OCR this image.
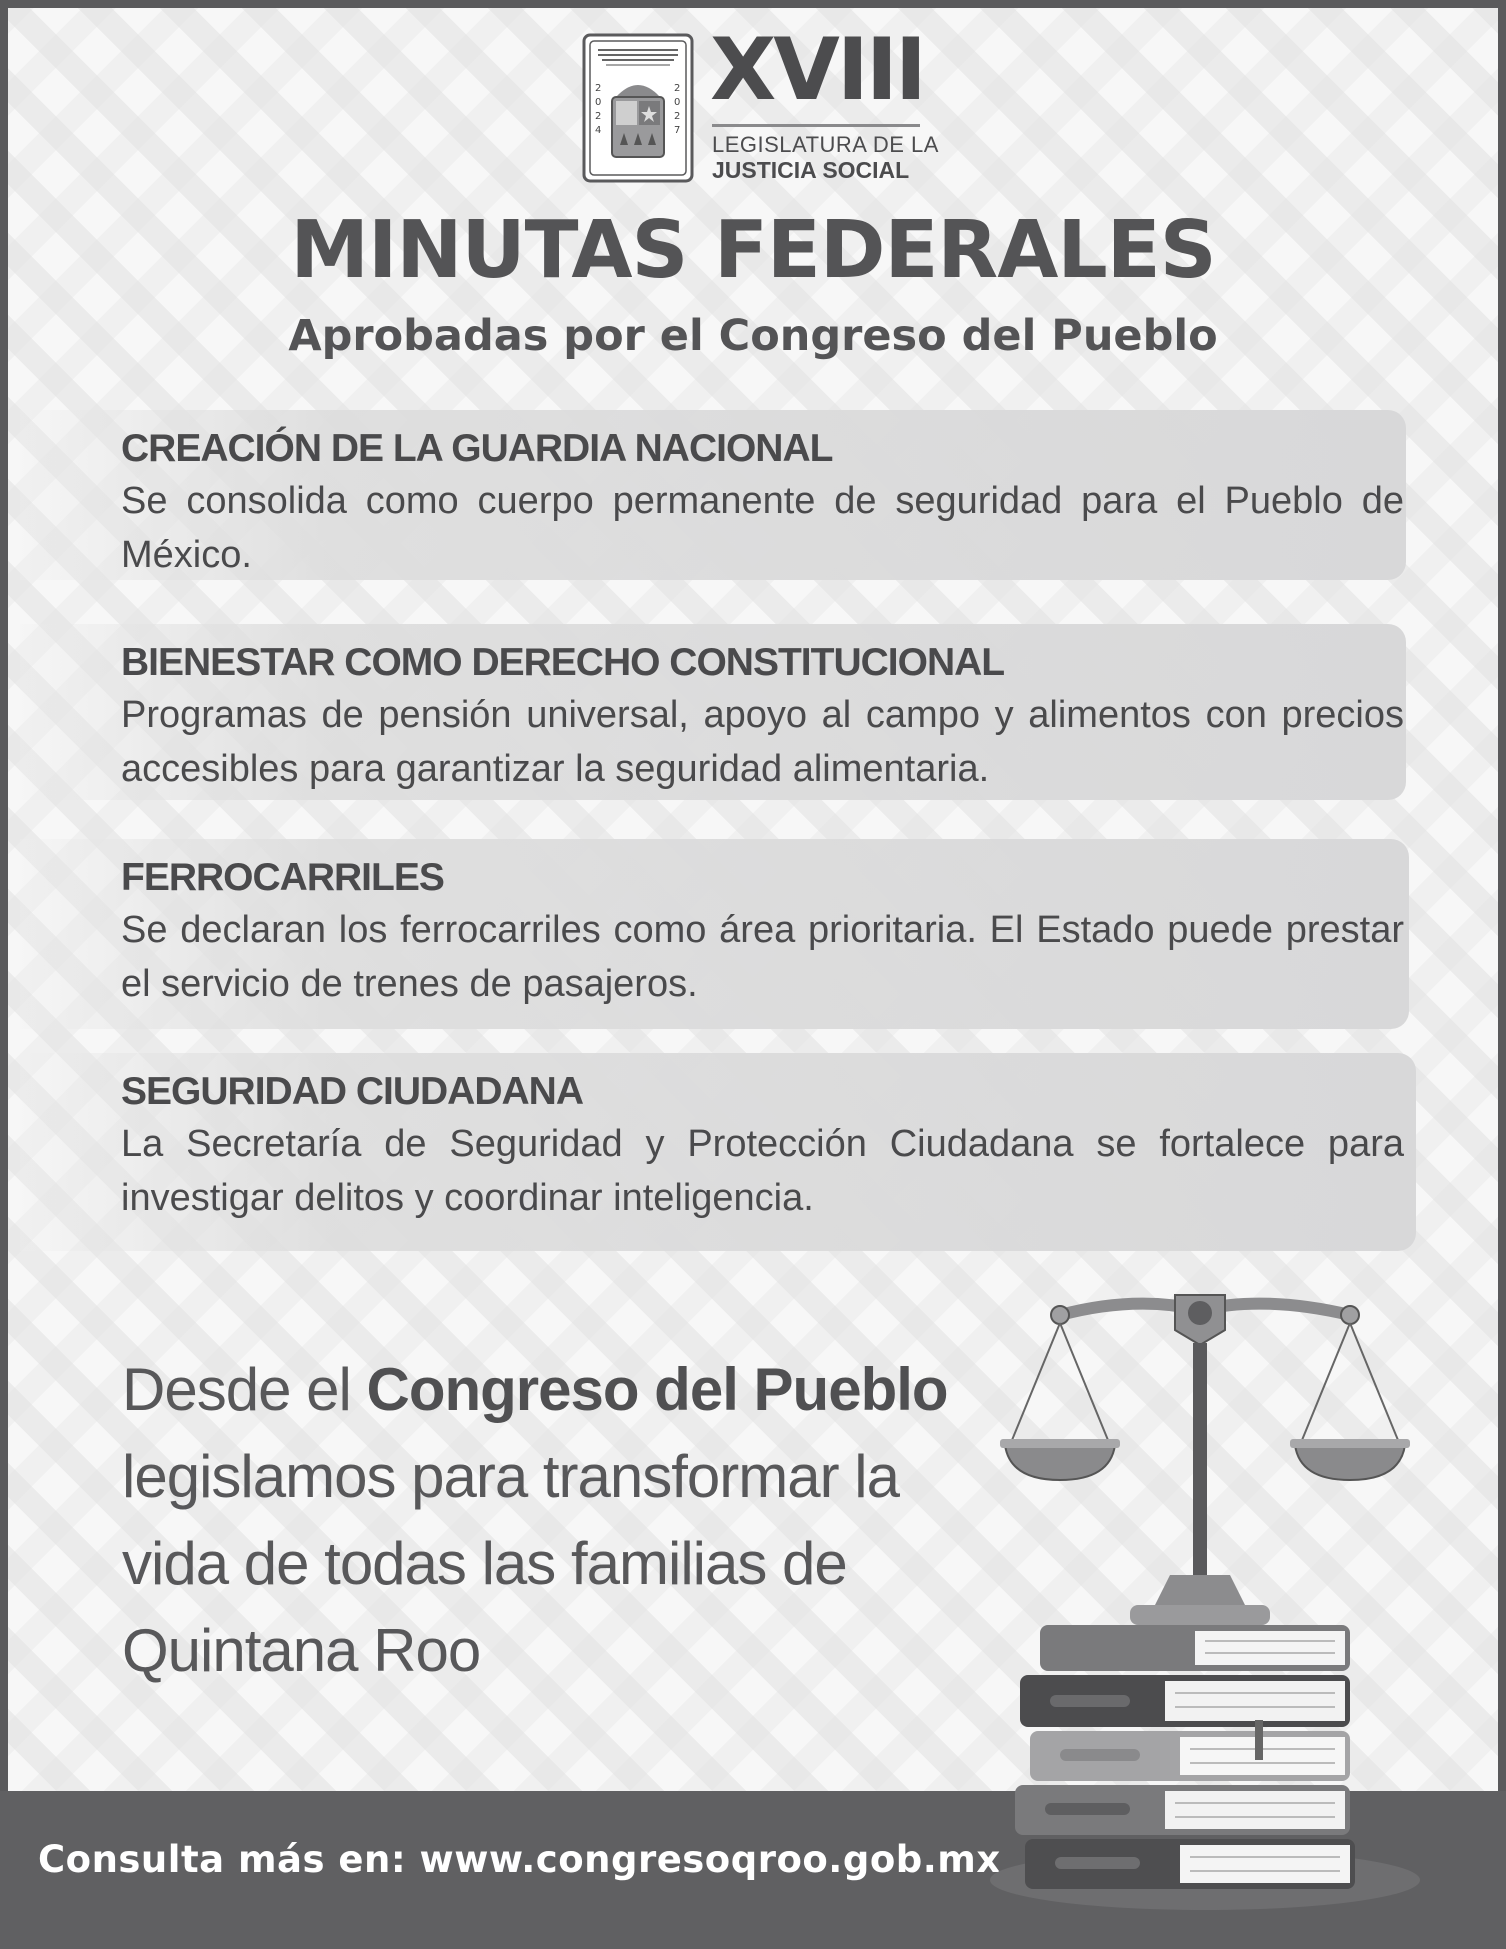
2
0
2
4
2
0
2
7
XVIII
LEGISLATURA DE LA
JUSTICIA SOCIAL
MINUTAS FEDERALES
Aprobadas por el Congreso del Pueblo
CREACIÓN DE LA GUARDIA NACIONAL
Se consolida como cuerpo permanente de seguridad para el Pueblo de México.
BIENESTAR COMO DERECHO CONSTITUCIONAL
Programas de pensión universal, apoyo al campo y alimentos con precios accesibles para garantizar la seguridad alimentaria.
FERROCARRILES
Se declaran los ferrocarriles como área prioritaria. El Estado puede prestar el servicio de trenes de pasajeros.
SEGURIDAD CIUDADANA
La Secretaría de Seguridad y Protección Ciudadana se fortalece para investigar delitos y coordinar inteligencia.
Desde el Congreso del Pueblo legislamos para transformar la vida de todas las familias de Quintana Roo
Consulta más en: www.congresoqroo.gob.mx
